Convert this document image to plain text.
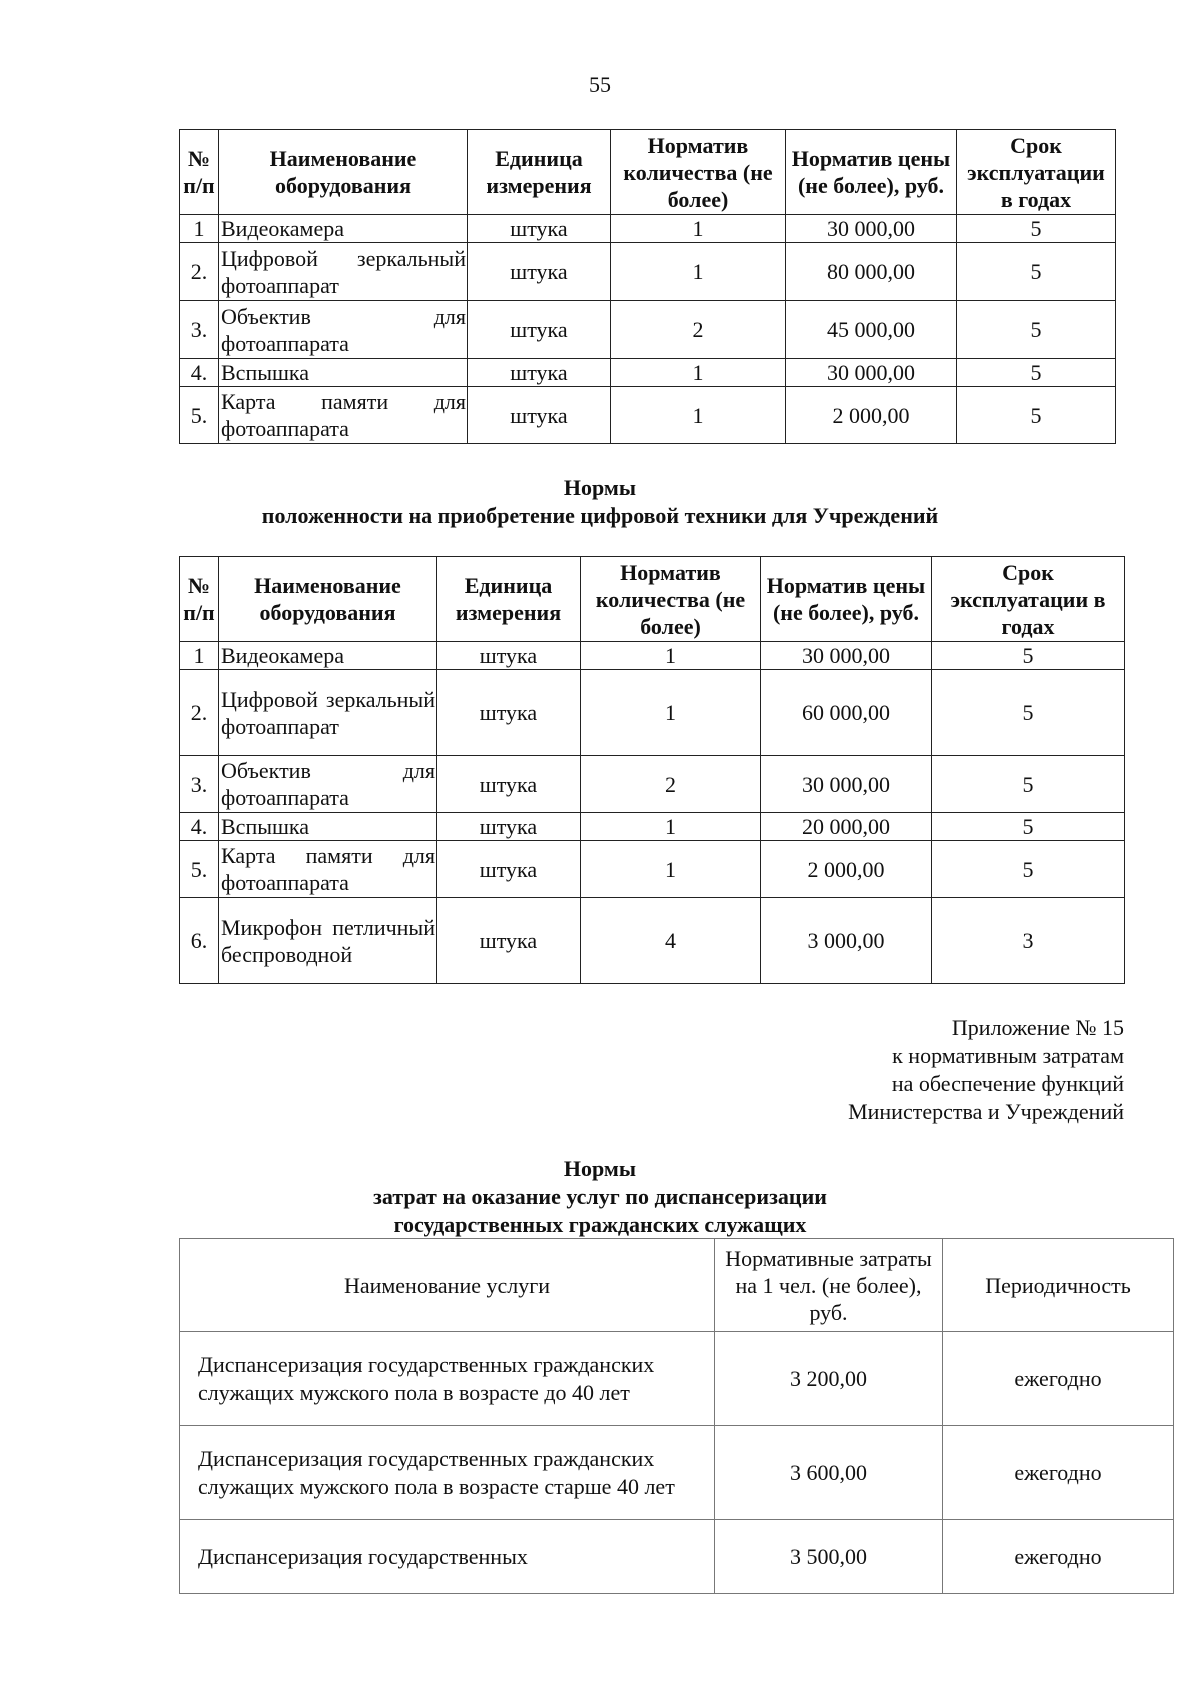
55
№ п/п	Наименование оборудования	Единица измерения	Норматив количества (не более)	Норматив цены (не более), руб.	Срок эксплуатации в годах
1	Видеокамера	штука	1	30 000,00	5
2.	Цифровой зеркальный фотоаппарат	штука	1	80 000,00	5
3.	Объектив для фотоаппарата	штука	2	45 000,00	5
4.	Вспышка	штука	1	30 000,00	5
5.	Карта памяти для фотоаппарата	штука	1	2 000,00	5
Нормы
положенности на приобретение цифровой техники для Учреждений
№ п/п	Наименование оборудования	Единица измерения	Норматив количества (не более)	Норматив цены (не более), руб.	Срок эксплуатации в годах
1	Видеокамера	штука	1	30 000,00	5
2.	Цифровой зеркальный фотоаппарат	штука	1	60 000,00	5
3.	Объектив для фотоаппарата	штука	2	30 000,00	5
4.	Вспышка	штука	1	20 000,00	5
5.	Карта памяти для фотоаппарата	штука	1	2 000,00	5
6.	Микрофон петличный беспроводной	штука	4	3 000,00	3
Приложение № 15
к нормативным затратам
на обеспечение функций
Министерства и Учреждений
Нормы
затрат на оказание услуг по диспансеризации
государственных гражданских служащих
Наименование услуги	Нормативные затраты на 1 чел. (не более), руб.	Периодичность
Диспансеризация государственных гражданских служащих мужского пола в возрасте до 40 лет	3 200,00	ежегодно
Диспансеризация государственных гражданских служащих мужского пола в возрасте старше 40 лет	3 600,00	ежегодно
Диспансеризация государственных	3 500,00	ежегодно
